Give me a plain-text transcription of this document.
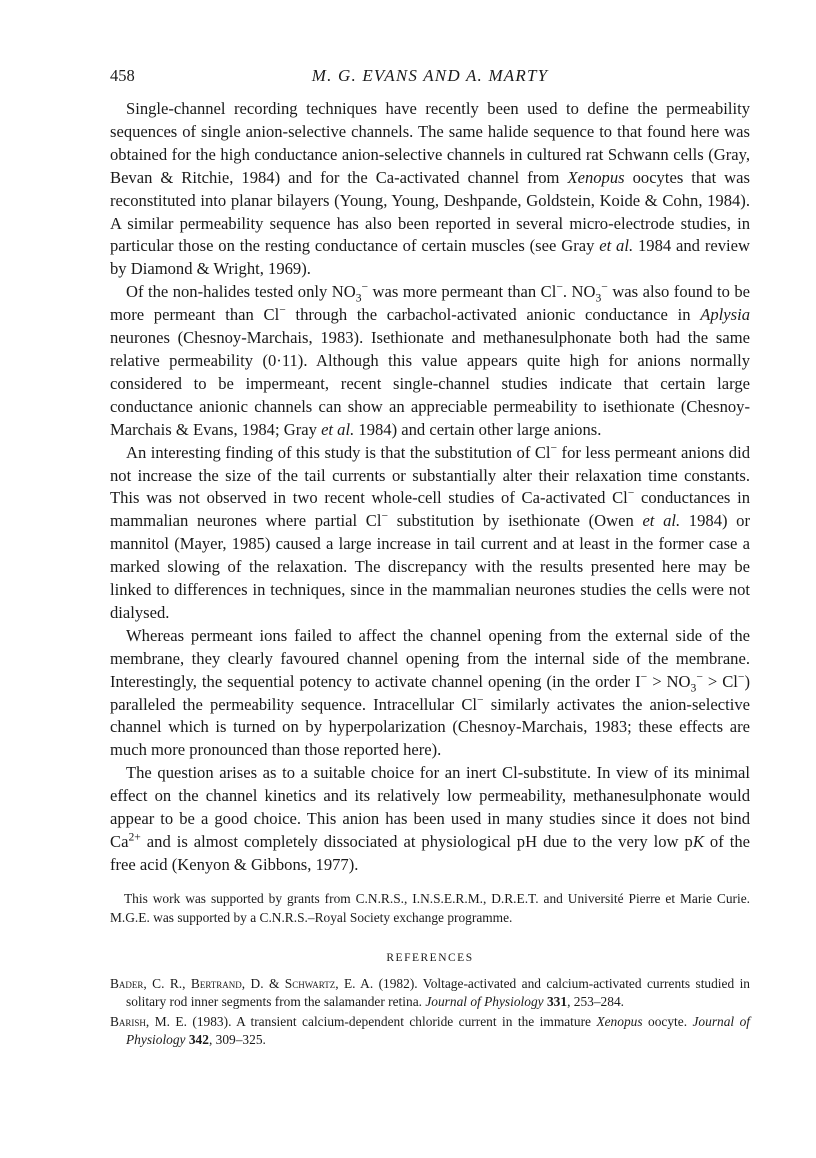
458	M. G. EVANS AND A. MARTY

Single-channel recording techniques have recently been used to define the permeability sequences of single anion-selective channels. The same halide sequence to that found here was obtained for the high conductance anion-selective channels in cultured rat Schwann cells (Gray, Bevan & Ritchie, 1984) and for the Ca-activated channel from Xenopus oocytes that was reconstituted into planar bilayers (Young, Young, Deshpande, Goldstein, Koide & Cohn, 1984). A similar permeability sequence has also been reported in several micro-electrode studies, in particular those on the resting conductance of certain muscles (see Gray et al. 1984 and review by Diamond & Wright, 1969).

Of the non-halides tested only $NO_3^-$ was more permeant than Cl−. $NO_3^-$ was also found to be more permeant than Cl− through the carbachol-activated anionic conductance in Aplysia neurones (Chesnoy-Marchais, 1983). Isethionate and methanesulphonate both had the same relative permeability (0·11). Although this value appears quite high for anions normally considered to be impermeant, recent single-channel studies indicate that certain large conductance anionic channels can show an appreciable permeability to isethionate (Chesnoy-Marchais & Evans, 1984; Gray et al. 1984) and certain other large anions.

An interesting finding of this study is that the substitution of Cl− for less permeant anions did not increase the size of the tail currents or substantially alter their relaxation time constants. This was not observed in two recent whole-cell studies of Ca-activated Cl− conductances in mammalian neurones where partial Cl− substitution by isethionate (Owen et al. 1984) or mannitol (Mayer, 1985) caused a large increase in tail current and at least in the former case a marked slowing of the relaxation. The discrepancy with the results presented here may be linked to differences in techniques, since in the mammalian neurones studies the cells were not dialysed.

Whereas permeant ions failed to affect the channel opening from the external side of the membrane, they clearly favoured channel opening from the internal side of the membrane. Interestingly, the sequential potency to activate channel opening (in the order $I^- > NO_3^- > Cl^-$) paralleled the permeability sequence. Intracellular Cl− similarly activates the anion-selective channel which is turned on by hyperpolarization (Chesnoy-Marchais, 1983; these effects are much more pronounced than those reported here).

The question arises as to a suitable choice for an inert Cl-substitute. In view of its minimal effect on the channel kinetics and its relatively low permeability, methanesulphonate would appear to be a good choice. This anion has been used in many studies since it does not bind $Ca^{2+}$ and is almost completely dissociated at physiological pH due to the very low pK of the free acid (Kenyon & Gibbons, 1977).

This work was supported by grants from C.N.R.S., I.N.S.E.R.M., D.R.E.T. and Université Pierre et Marie Curie. M.G.E. was supported by a C.N.R.S.–Royal Society exchange programme.
REFERENCES
Bader, C. R., Bertrand, D. & Schwartz, E. A. (1982). Voltage-activated and calcium-activated currents studied in solitary rod inner segments from the salamander retina. Journal of Physiology 331, 253–284.
Barish, M. E. (1983). A transient calcium-dependent chloride current in the immature Xenopus oocyte. Journal of Physiology 342, 309–325.
